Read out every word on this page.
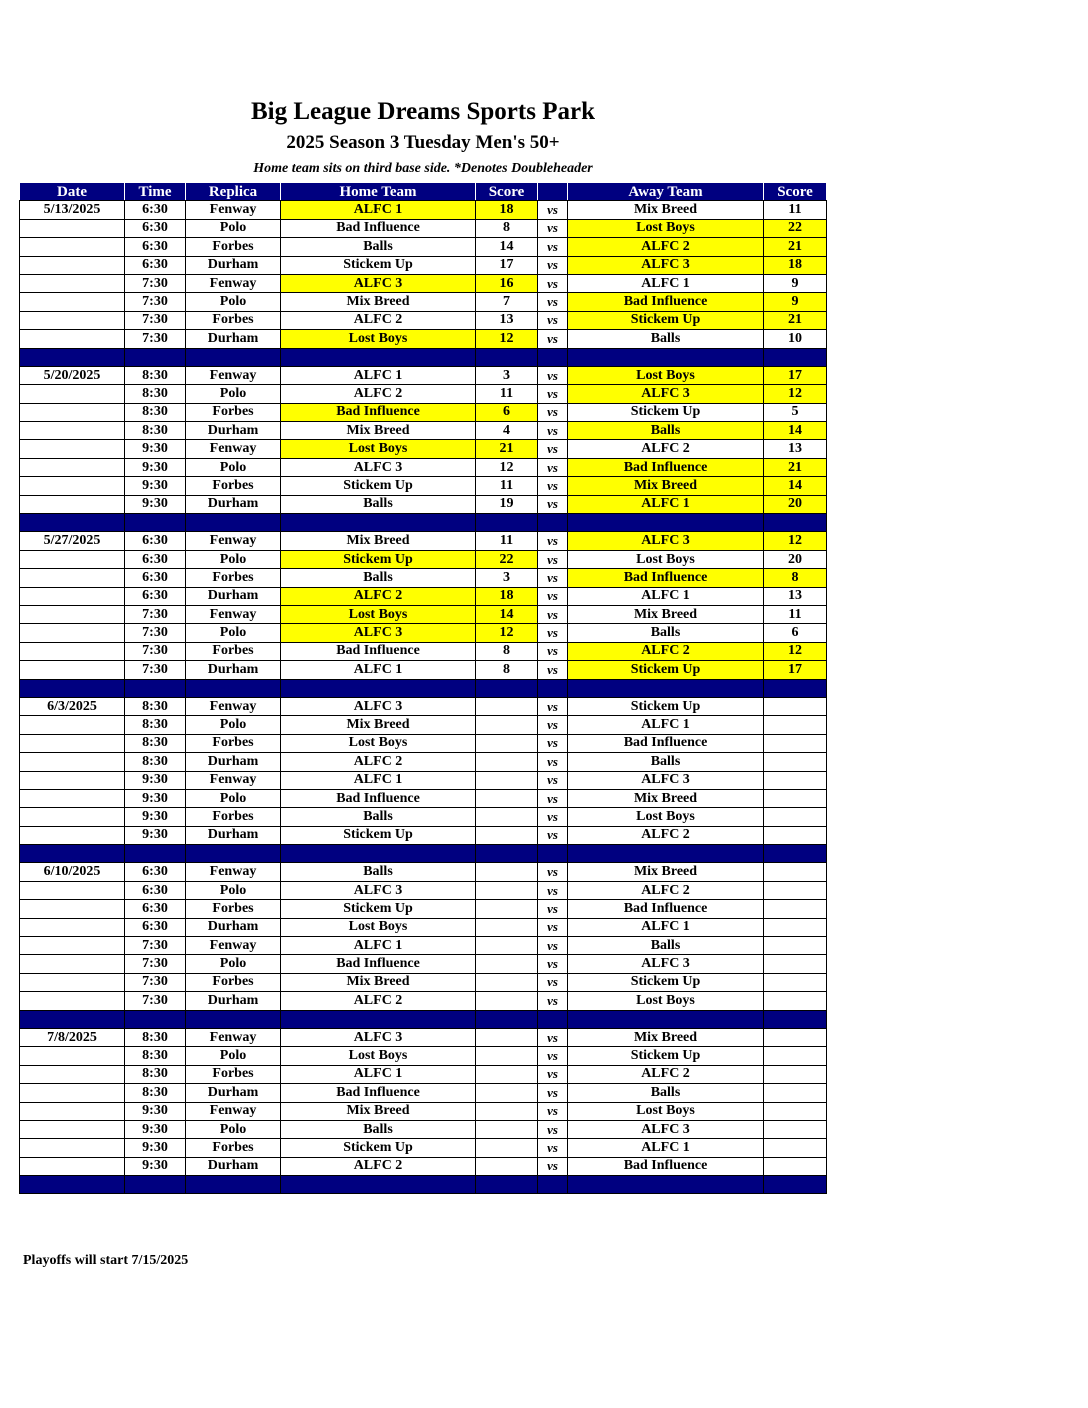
Big League Dreams Sports Park
2025 Season 3 Tuesday Men's 50+
Home team sits on third base side. *Denotes Doubleheader
Date	Time	Replica	Home Team	Score		Away Team	Score
5/13/2025	6:30	Fenway	ALFC 1	18	vs	Mix Breed	11
	6:30	Polo	Bad Influence	8	vs	Lost Boys	22
	6:30	Forbes	Balls	14	vs	ALFC 2	21
	6:30	Durham	Stickem Up	17	vs	ALFC 3	18
	7:30	Fenway	ALFC 3	16	vs	ALFC 1	9
	7:30	Polo	Mix Breed	7	vs	Bad Influence	9
	7:30	Forbes	ALFC 2	13	vs	Stickem Up	21
	7:30	Durham	Lost Boys	12	vs	Balls	10

5/20/2025	8:30	Fenway	ALFC 1	3	vs	Lost Boys	17
	8:30	Polo	ALFC 2	11	vs	ALFC 3	12
	8:30	Forbes	Bad Influence	6	vs	Stickem Up	5
	8:30	Durham	Mix Breed	4	vs	Balls	14
	9:30	Fenway	Lost Boys	21	vs	ALFC 2	13
	9:30	Polo	ALFC 3	12	vs	Bad Influence	21
	9:30	Forbes	Stickem Up	11	vs	Mix Breed	14
	9:30	Durham	Balls	19	vs	ALFC 1	20

5/27/2025	6:30	Fenway	Mix Breed	11	vs	ALFC 3	12
	6:30	Polo	Stickem Up	22	vs	Lost Boys	20
	6:30	Forbes	Balls	3	vs	Bad Influence	8
	6:30	Durham	ALFC 2	18	vs	ALFC 1	13
	7:30	Fenway	Lost Boys	14	vs	Mix Breed	11
	7:30	Polo	ALFC 3	12	vs	Balls	6
	7:30	Forbes	Bad Influence	8	vs	ALFC 2	12
	7:30	Durham	ALFC 1	8	vs	Stickem Up	17

6/3/2025	8:30	Fenway	ALFC 3		vs	Stickem Up	
	8:30	Polo	Mix Breed		vs	ALFC 1	
	8:30	Forbes	Lost Boys		vs	Bad Influence	
	8:30	Durham	ALFC 2		vs	Balls	
	9:30	Fenway	ALFC 1		vs	ALFC 3	
	9:30	Polo	Bad Influence		vs	Mix Breed	
	9:30	Forbes	Balls		vs	Lost Boys	
	9:30	Durham	Stickem Up		vs	ALFC 2	

6/10/2025	6:30	Fenway	Balls		vs	Mix Breed	
	6:30	Polo	ALFC 3		vs	ALFC 2	
	6:30	Forbes	Stickem Up		vs	Bad Influence	
	6:30	Durham	Lost Boys		vs	ALFC 1	
	7:30	Fenway	ALFC 1		vs	Balls	
	7:30	Polo	Bad Influence		vs	ALFC 3	
	7:30	Forbes	Mix Breed		vs	Stickem Up	
	7:30	Durham	ALFC 2		vs	Lost Boys	

7/8/2025	8:30	Fenway	ALFC 3		vs	Mix Breed	
	8:30	Polo	Lost Boys		vs	Stickem Up	
	8:30	Forbes	ALFC 1		vs	ALFC 2	
	8:30	Durham	Bad Influence		vs	Balls	
	9:30	Fenway	Mix Breed		vs	Lost Boys	
	9:30	Polo	Balls		vs	ALFC 3	
	9:30	Forbes	Stickem Up		vs	ALFC 1	
	9:30	Durham	ALFC 2		vs	Bad Influence	

Playoffs will start 7/15/2025
